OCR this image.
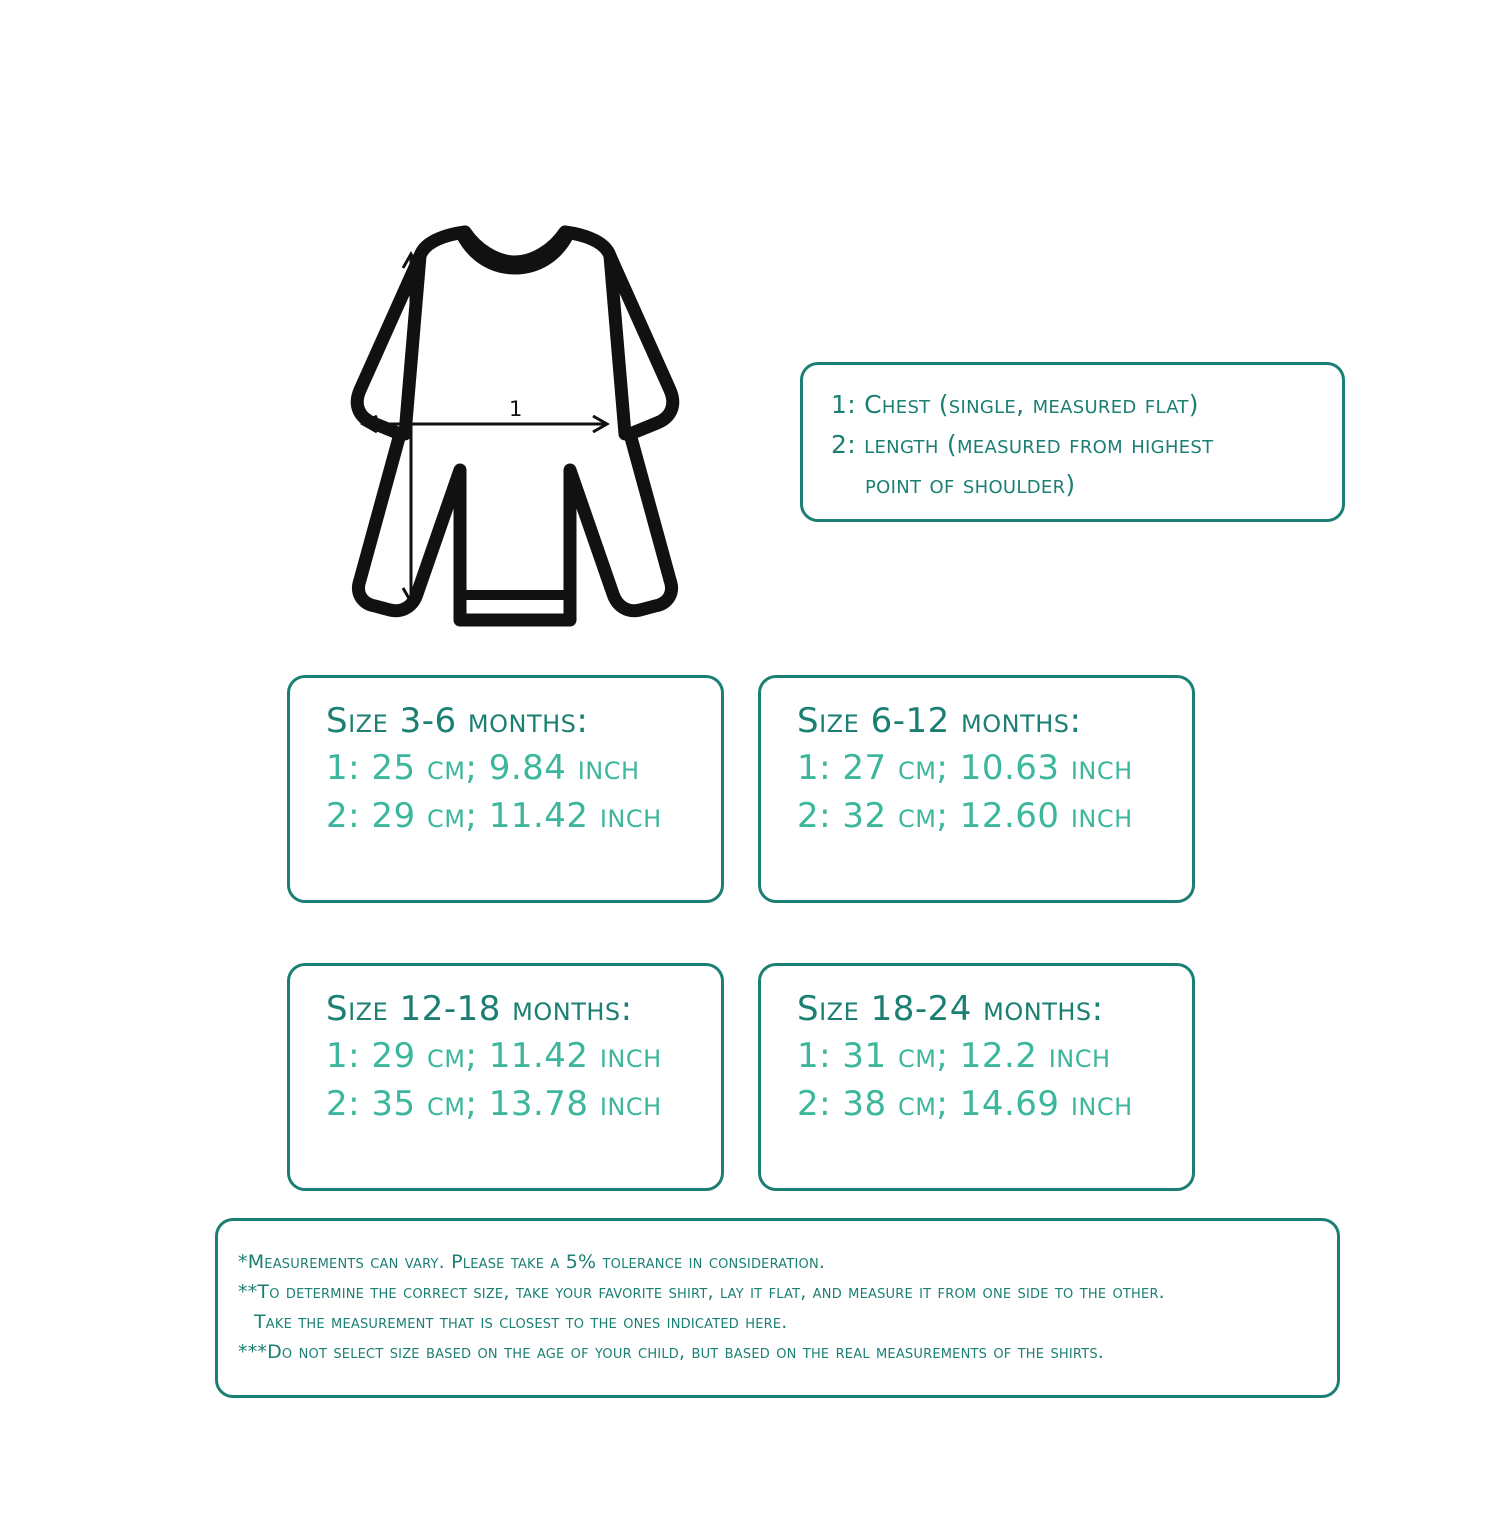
1
2
1: Chest (single, measured flat)
2: length (measured from highest
point of shoulder)
Size 3-6 months:
1: 25 cm; 9.84 inch
2: 29 cm; 11.42 inch
Size 6-12 months:
1: 27 cm; 10.63 inch
2: 32 cm; 12.60 inch
Size 12-18 months:
1: 29 cm; 11.42 inch
2: 35 cm; 13.78 inch
Size 18-24 months:
1: 31 cm; 12.2 inch
2: 38 cm; 14.69 inch
*Measurements can vary. Please take a 5% tolerance in consideration.
**To determine the correct size, take your favorite shirt, lay it flat, and measure it from one side to the other.
Take the measurement that is closest to the ones indicated here.
***Do not select size based on the age of your child, but based on the real measurements of the shirts.
